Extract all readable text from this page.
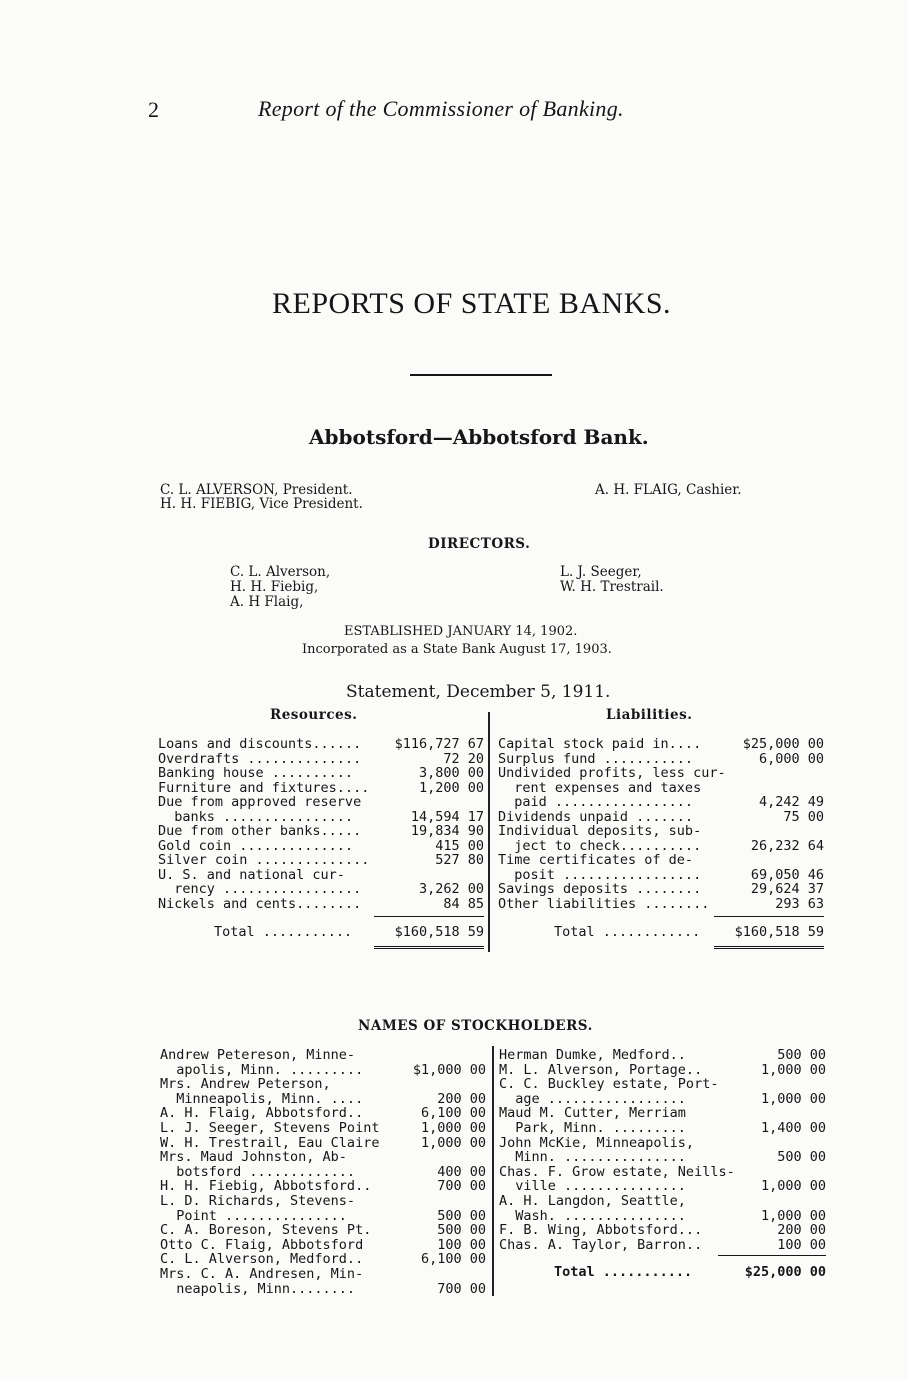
2	Report of the Commissioner of Banking.
REPORTS OF STATE BANKS.
Abbotsford—Abbotsford Bank.
C. L. ALVERSON, President.
H. H. FIEBIG, Vice President.
A. H. FLAIG, Cashier.
DIRECTORS.
C. L. Alverson,
H. H. Fiebig,
A. H Flaig,
L. J. Seeger,
W. H. Trestrail.
ESTABLISHED JANUARY 14, 1902.
Incorporated as a State Bank August 17, 1903.
Statement, December 5, 1911.
Resources.	Liabilities.
Loans and discounts......	$116,727 67
Overdrafts ..............	72 20
Banking house ..........	3,800 00
Furniture and fixtures....	1,200 00
Due from approved reserve
banks ................	14,594 17
Due from other banks.....	19,834 90
Gold coin ..............	415 00
Silver coin ..............	527 80
U. S. and national cur-
rency .................	3,262 00
Nickels and cents........	84 85
Capital stock paid in....	$25,000 00
Surplus fund ...........	6,000 00
Undivided profits, less cur-
rent expenses and taxes
paid .................	4,242 49
Dividends unpaid .......	75 00
Individual deposits, sub-
ject to check..........	26,232 64
Time certificates of de-
posit .................	69,050 46
Savings deposits ........	29,624 37
Other liabilities ........	293 63
Total ...........	$160,518 59	Total ............	$160,518 59
NAMES OF STOCKHOLDERS.
Andrew Petereson, Minne-
apolis, Minn. .........	$1,000 00
Mrs. Andrew Peterson,
Minneapolis, Minn. ....	200 00
A. H. Flaig, Abbotsford..	6,100 00
L. J. Seeger, Stevens Point	1,000 00
W. H. Trestrail, Eau Claire	1,000 00
Mrs. Maud Johnston, Ab-
botsford .............	400 00
H. H. Fiebig, Abbotsford..	700 00
L. D. Richards, Stevens-
Point ...............	500 00
C. A. Boreson, Stevens Pt.	500 00
Otto C. Flaig, Abbotsford	100 00
C. L. Alverson, Medford..	6,100 00
Mrs. C. A. Andresen, Min-
neapolis, Minn........	700 00
Herman Dumke, Medford..	500 00
M. L. Alverson, Portage..	1,000 00
C. C. Buckley estate, Port-
age .................	1,000 00
Maud M. Cutter, Merriam
Park, Minn. .........	1,400 00
John McKie, Minneapolis,
Minn. ...............	500 00
Chas. F. Grow estate, Neills-
ville ...............	1,000 00
A. H. Langdon, Seattle,
Wash. ...............	1,000 00
F. B. Wing, Abbotsford...	200 00
Chas. A. Taylor, Barron..	100 00
Total ...........	$25,000 00
